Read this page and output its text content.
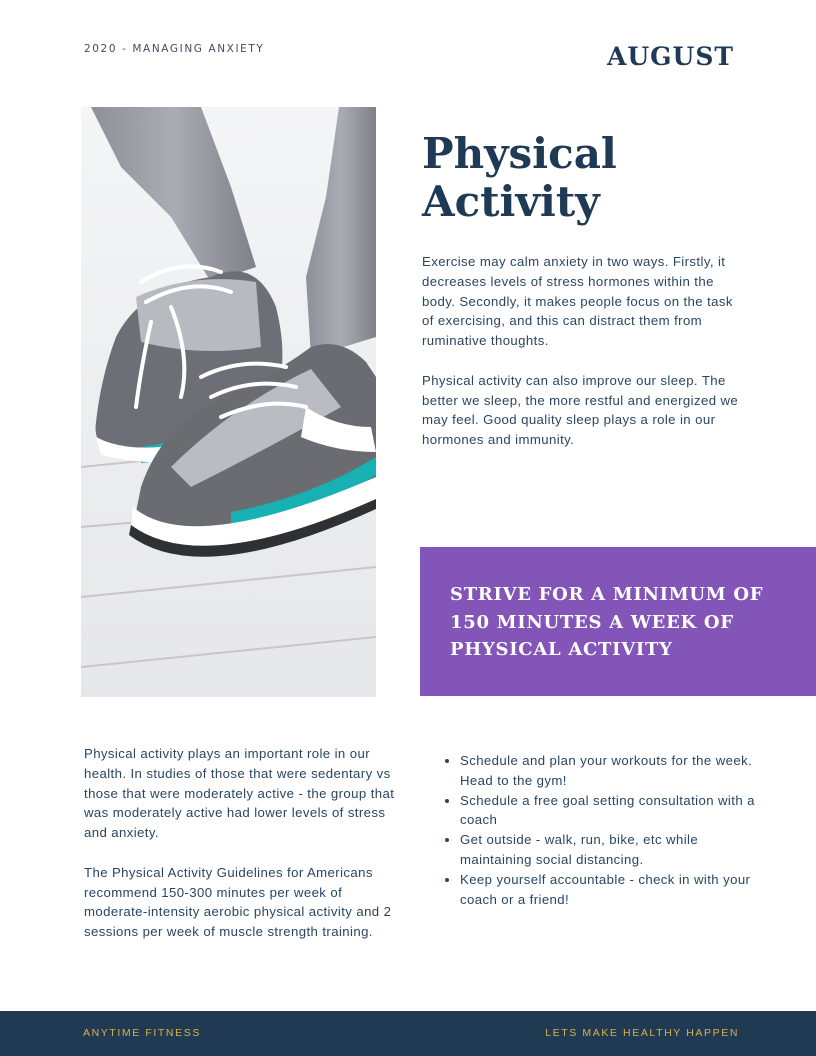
2020 - MANAGING ANXIETY	AUGUST
Physical
Activity

Exercise may calm anxiety in two ways. Firstly, it decreases levels of stress hormones within the body. Secondly, it makes people focus on the task of exercising, and this can distract them from ruminative thoughts.

Physical activity can also improve our sleep. The better we sleep, the more restful and energized we may feel. Good quality sleep plays a role in our hormones and immunity.

STRIVE FOR A MINIMUM OF 150 MINUTES A WEEK OF PHYSICAL ACTIVITY

Physical activity plays an important role in our health. In studies of those that were sedentary vs those that were moderately active - the group that was moderately active had lower levels of stress and anxiety.

The Physical Activity Guidelines for Americans recommend 150-300 minutes per week of moderate-intensity aerobic physical activity and 2 sessions per week of muscle strength training.

• Schedule and plan your workouts for the week. Head to the gym!
• Schedule a free goal setting consultation with a coach
• Get outside - walk, run, bike, etc while maintaining social distancing.
• Keep yourself accountable - check in with your coach or a friend!
ANYTIME FITNESS	LETS MAKE HEALTHY HAPPEN
